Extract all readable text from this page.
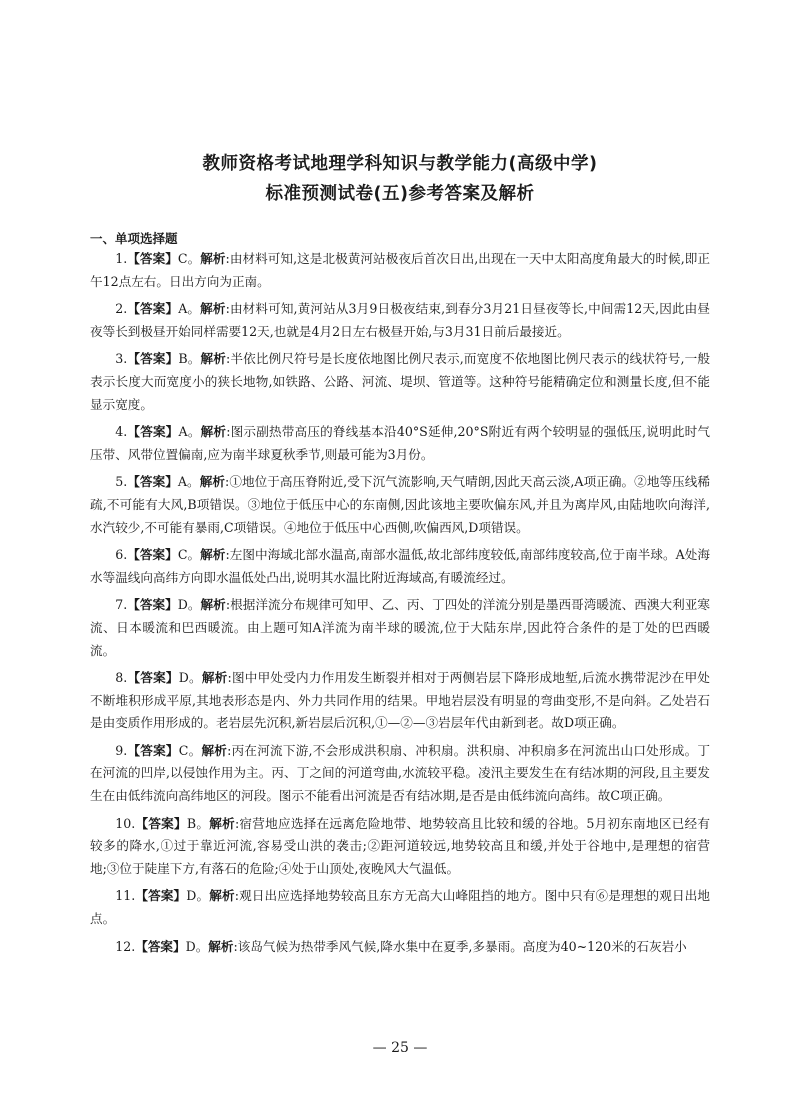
教师资格考试地理学科知识与教学能力(高级中学)
标准预测试卷(五)参考答案及解析
一、单项选择题

1.【答案】C。解析:由材料可知,这是北极黄河站极夜后首次日出,出现在一天中太阳高度角最大的时候,即正午12点左右。日出方向为正南。

2.【答案】A。解析:由材料可知,黄河站从3月9日极夜结束,到春分3月21日昼夜等长,中间需12天,因此由昼夜等长到极昼开始同样需要12天,也就是4月2日左右极昼开始,与3月31日前后最接近。

3.【答案】B。解析:半依比例尺符号是长度依地图比例尺表示,而宽度不依地图比例尺表示的线状符号,一般表示长度大而宽度小的狭长地物,如铁路、公路、河流、堤坝、管道等。这种符号能精确定位和测量长度,但不能显示宽度。

4.【答案】A。解析:图示副热带高压的脊线基本沿40°S延伸,20°S附近有两个较明显的强低压,说明此时气压带、风带位置偏南,应为南半球夏秋季节,则最可能为3月份。

5.【答案】A。解析:①地位于高压脊附近,受下沉气流影响,天气晴朗,因此天高云淡,A项正确。②地等压线稀疏,不可能有大风,B项错误。③地位于低压中心的东南侧,因此该地主要吹偏东风,并且为离岸风,由陆地吹向海洋,水汽较少,不可能有暴雨,C项错误。④地位于低压中心西侧,吹偏西风,D项错误。

6.【答案】C。解析:左图中海域北部水温高,南部水温低,故北部纬度较低,南部纬度较高,位于南半球。A处海水等温线向高纬方向即水温低处凸出,说明其水温比附近海域高,有暖流经过。

7.【答案】D。解析:根据洋流分布规律可知甲、乙、丙、丁四处的洋流分别是墨西哥湾暖流、西澳大利亚寒流、日本暖流和巴西暖流。由上题可知A洋流为南半球的暖流,位于大陆东岸,因此符合条件的是丁处的巴西暖流。

8.【答案】D。解析:图中甲处受内力作用发生断裂并相对于两侧岩层下降形成地堑,后流水携带泥沙在甲处不断堆积形成平原,其地表形态是内、外力共同作用的结果。甲地岩层没有明显的弯曲变形,不是向斜。乙处岩石是由变质作用形成的。老岩层先沉积,新岩层后沉积,①—②—③岩层年代由新到老。故D项正确。

9.【答案】C。解析:丙在河流下游,不会形成洪积扇、冲积扇。洪积扇、冲积扇多在河流出山口处形成。丁在河流的凹岸,以侵蚀作用为主。丙、丁之间的河道弯曲,水流较平稳。凌汛主要发生在有结冰期的河段,且主要发生在由低纬流向高纬地区的河段。图示不能看出河流是否有结冰期,是否是由低纬流向高纬。故C项正确。

10.【答案】B。解析:宿营地应选择在远离危险地带、地势较高且比较和缓的谷地。5月初东南地区已经有较多的降水,①过于靠近河流,容易受山洪的袭击;②距河道较远,地势较高且和缓,并处于谷地中,是理想的宿营地;③位于陡崖下方,有落石的危险;④处于山顶处,夜晚风大气温低。

11.【答案】D。解析:观日出应选择地势较高且东方无高大山峰阻挡的地方。图中只有⑥是理想的观日出地点。

12.【答案】D。解析:该岛气候为热带季风气候,降水集中在夏季,多暴雨。高度为40~120米的石灰岩小

— 25 —
